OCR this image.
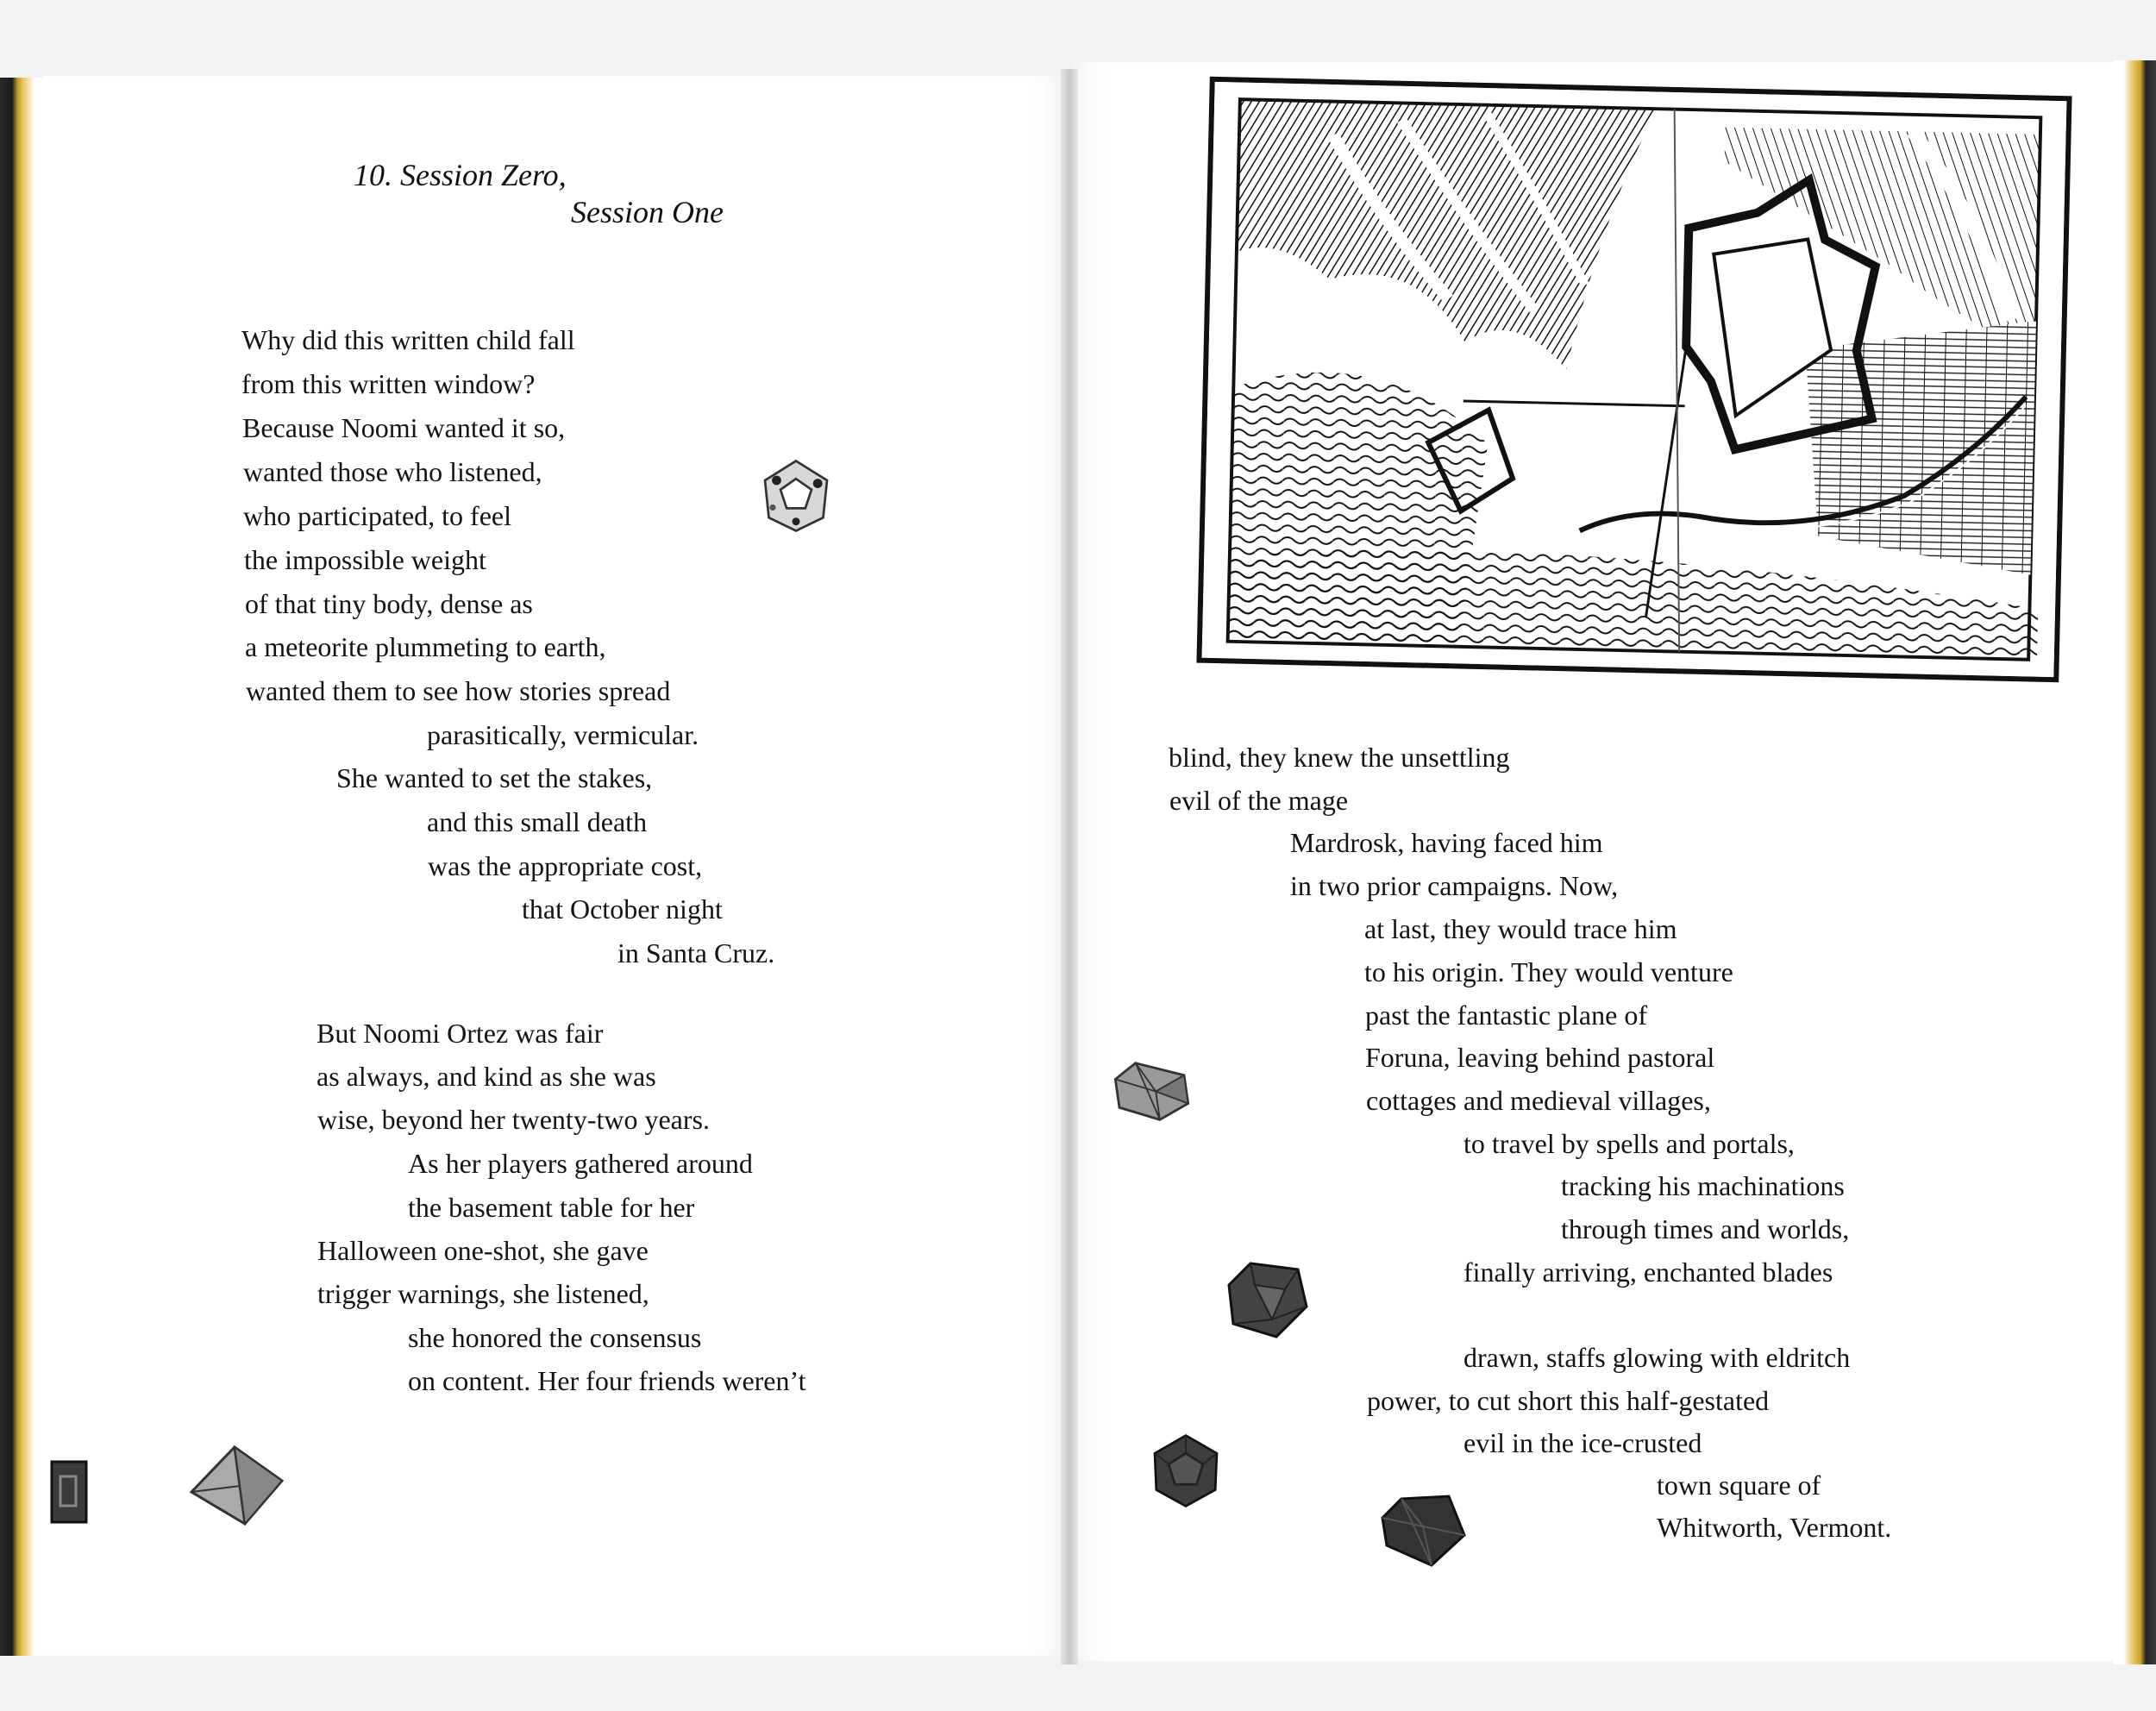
10. Session Zero,
Session One
Why did this written child fall
from this written window?
Because Noomi wanted it so,
wanted those who listened,
who participated, to feel
the impossible weight
of that tiny body, dense as
a meteorite plummeting to earth,
wanted them to see how stories spread
parasitically, vermicular.
She wanted to set the stakes,
and this small death
was the appropriate cost,
that October night
in Santa Cruz.
But Noomi Ortez was fair
as always, and kind as she was
wise, beyond her twenty-two years.
As her players gathered around
the basement table for her
Halloween one-shot, she gave
trigger warnings, she listened,
she honored the consensus
on content. Her four friends weren’t
blind, they knew the unsettling
evil of the mage
Mardrosk, having faced him
in two prior campaigns. Now,
at last, they would trace him
to his origin. They would venture
past the fantastic plane of
Foruna, leaving behind pastoral
cottages and medieval villages,
to travel by spells and portals,
tracking his machinations
through times and worlds,
finally arriving, enchanted blades
drawn, staffs glowing with eldritch
power, to cut short this half-gestated
evil in the ice-crusted
town square of
Whitworth, Vermont.
